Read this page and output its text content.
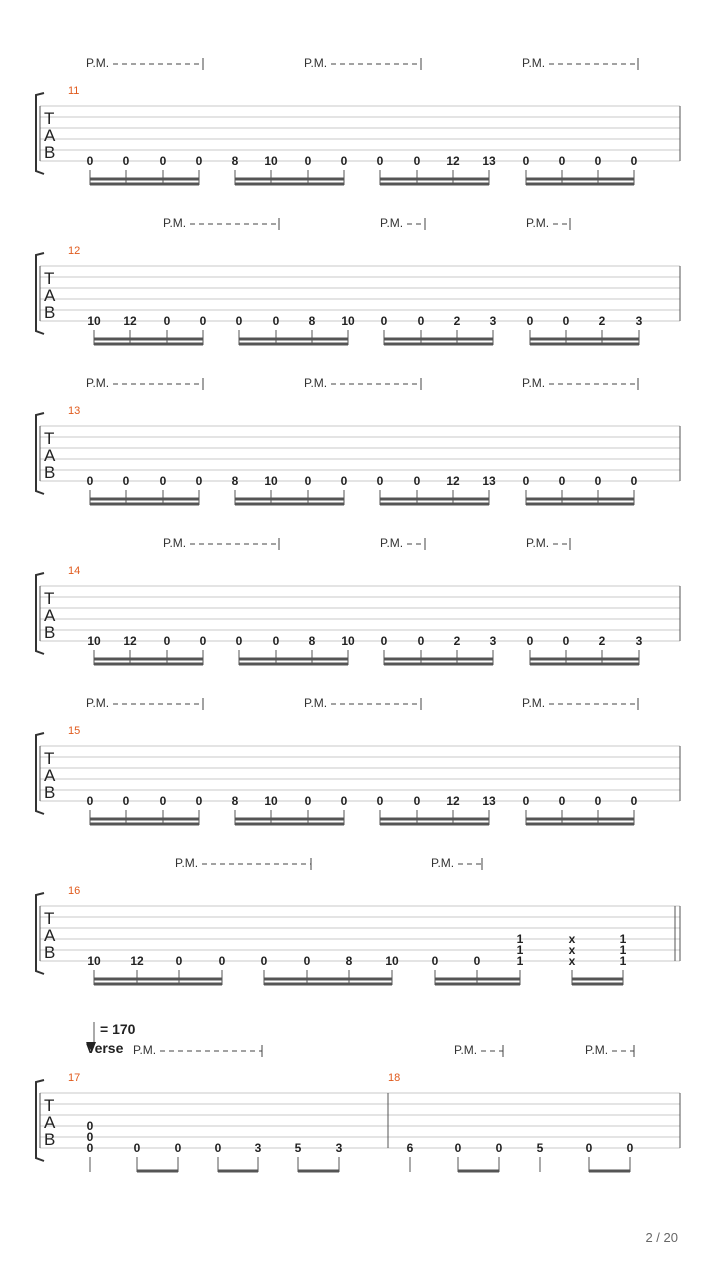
= 170
Verse
P.M.	P.M.	P.M.
11
T
A
B	0 0	0 0 8 10 0 0 0	0 12 13 0 0 0 0
P.M.	P.M.	P.M.
12
T
A
B	10 12 0 0 0	0 8 10 0	0 2 3	0 0 2	3
P.M.	P.M.	P.M.
13
T
A
B	0 0	0 0 8 10 0 0 0	0 12 13 0 0 0 0
P.M.	P.M.	P.M.
14
T
A
B	10 12 0 0 0	0 8 10 0	0 2 3	0 0 2	3
P.M.	P.M.	P.M.
15
T
A
B	0 0	0 0 8 10 0 0 0	0 12 13 0 0 0 0
P.M.	P.M.
16
T
A
B	10 12	0	0	0	0	8	10	0	0
1
1
1
x
x
x
1
1
1
P.M.	P.M.	P.M.
17	18
T
A
B
0
0
0	0	0	0	3	5	3	6	0	0	5	0	0
2 / 20
